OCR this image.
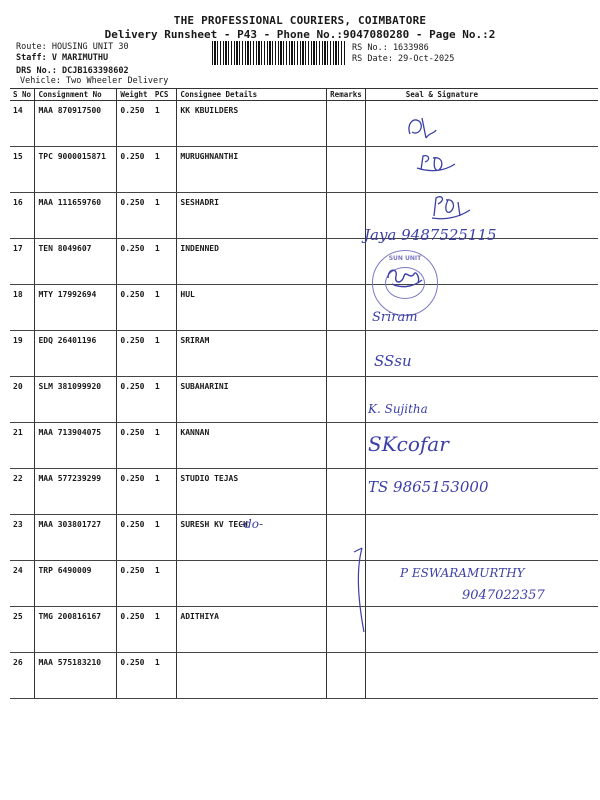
THE PROFESSIONAL COURIERS, COIMBATORE
Delivery Runsheet - P43 - Phone No.:9047080280 - Page No.:2
Route: HOUSING UNIT 30
Staff: V MARIMUTHU
DRS No.: DCJB163398602
Vehicle: Two Wheeler Delivery
RS No.: 1633986
RS Date: 29-Oct-2025
S No	Consignment No	Weight	PCS	Consignee Details	Remarks	Seal & Signature
14	MAA 870917500	0.250	1	KK KBUILDERS		
15	TPC 9000015871	0.250	1	MURUGHNANTHI		
16	MAA 111659760	0.250	1	SESHADRI		
17	TEN 8049607	0.250	1	INDENNED		
18	MTY 17992694	0.250	1	HUL		
19	EDQ 26401196	0.250	1	SRIRAM		
20	SLM 381099920	0.250	1	SUBAHARINI		
21	MAA 713904075	0.250	1	KANNAN		
22	MAA 577239299	0.250	1	STUDIO TEJAS		
23	MAA 303801727	0.250	1	SURESH KV TECH		
24	TRP 6490009	0.250	1			
25	TMG 200816167	0.250	1	ADITHIYA		
26	MAA 575183210	0.250	1			
Jaya 9487525115
SUN UNIT
Sriram
SSsu
K. Sujitha
SKcofar
TS 9865153000
-do-
P ESWARAMURTHY
9047022357
